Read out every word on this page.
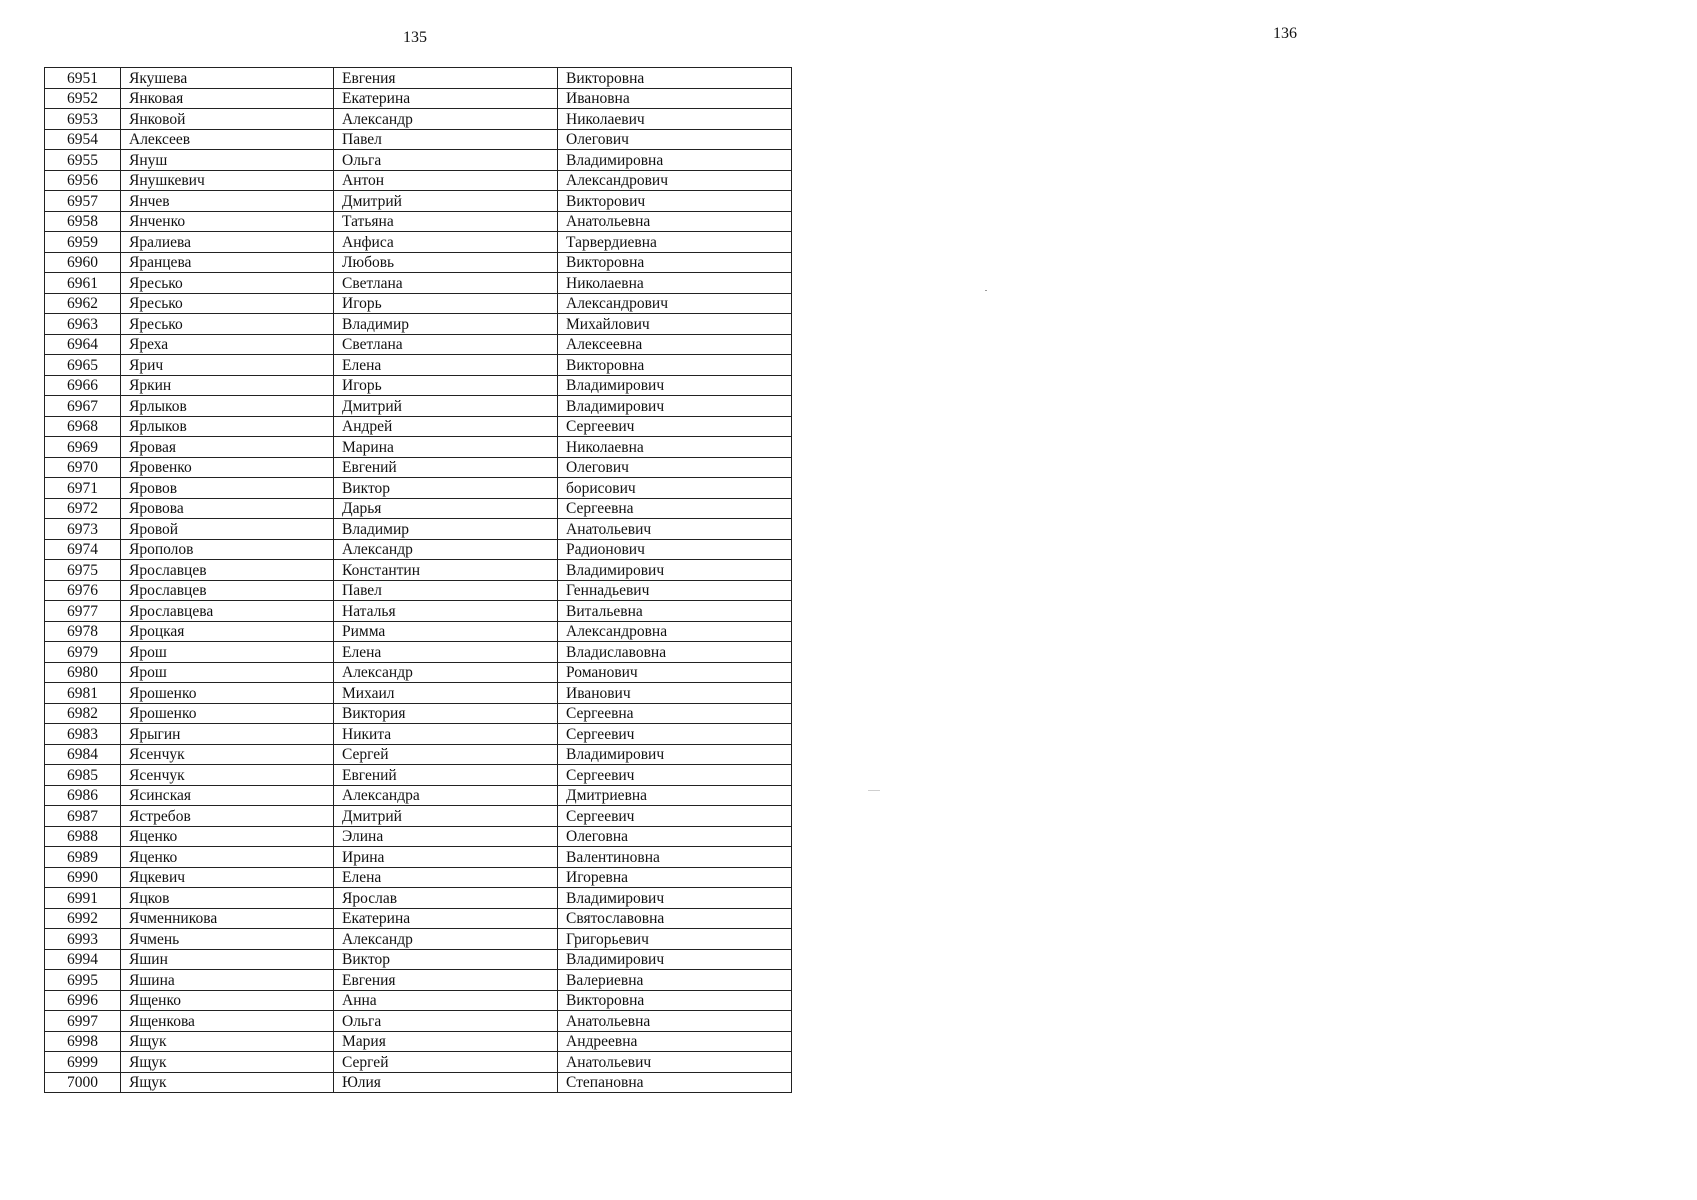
135	136
6951	Якушева	Евгения	Викторовна
6952	Янковая	Екатерина	Ивановна
6953	Янковой	Александр	Николаевич
6954	Алексеев	Павел	Олегович
6955	Януш	Ольга	Владимировна
6956	Янушкевич	Антон	Александрович
6957	Янчев	Дмитрий	Викторович
6958	Янченко	Татьяна	Анатольевна
6959	Яралиева	Анфиса	Тарвердиевна
6960	Яранцева	Любовь	Викторовна
6961	Яресько	Светлана	Николаевна
6962	Яресько	Игорь	Александрович
6963	Яресько	Владимир	Михайлович
6964	Яреха	Светлана	Алексеевна
6965	Ярич	Елена	Викторовна
6966	Яркин	Игорь	Владимирович
6967	Ярлыков	Дмитрий	Владимирович
6968	Ярлыков	Андрей	Сергеевич
6969	Яровая	Марина	Николаевна
6970	Яровенко	Евгений	Олегович
6971	Яровов	Виктор	борисович
6972	Яровова	Дарья	Сергеевна
6973	Яровой	Владимир	Анатольевич
6974	Ярополов	Александр	Радионович
6975	Ярославцев	Константин	Владимирович
6976	Ярославцев	Павел	Геннадьевич
6977	Ярославцева	Наталья	Витальевна
6978	Яроцкая	Римма	Александровна
6979	Ярош	Елена	Владиславовна
6980	Ярош	Александр	Романович
6981	Ярошенко	Михаил	Иванович
6982	Ярошенко	Виктория	Сергеевна
6983	Ярыгин	Никита	Сергеевич
6984	Ясенчук	Сергей	Владимирович
6985	Ясенчук	Евгений	Сергеевич
6986	Ясинская	Александра	Дмитриевна
6987	Ястребов	Дмитрий	Сергеевич
6988	Яценко	Элина	Олеговна
6989	Яценко	Ирина	Валентиновна
6990	Яцкевич	Елена	Игоревна
6991	Яцков	Ярослав	Владимирович
6992	Ячменникова	Екатерина	Святославовна
6993	Ячмень	Александр	Григорьевич
6994	Яшин	Виктор	Владимирович
6995	Яшина	Евгения	Валериевна
6996	Ященко	Анна	Викторовна
6997	Ященкова	Ольга	Анатольевна
6998	Ящук	Мария	Андреевна
6999	Ящук	Сергей	Анатольевич
7000	Ящук	Юлия	Степановна
